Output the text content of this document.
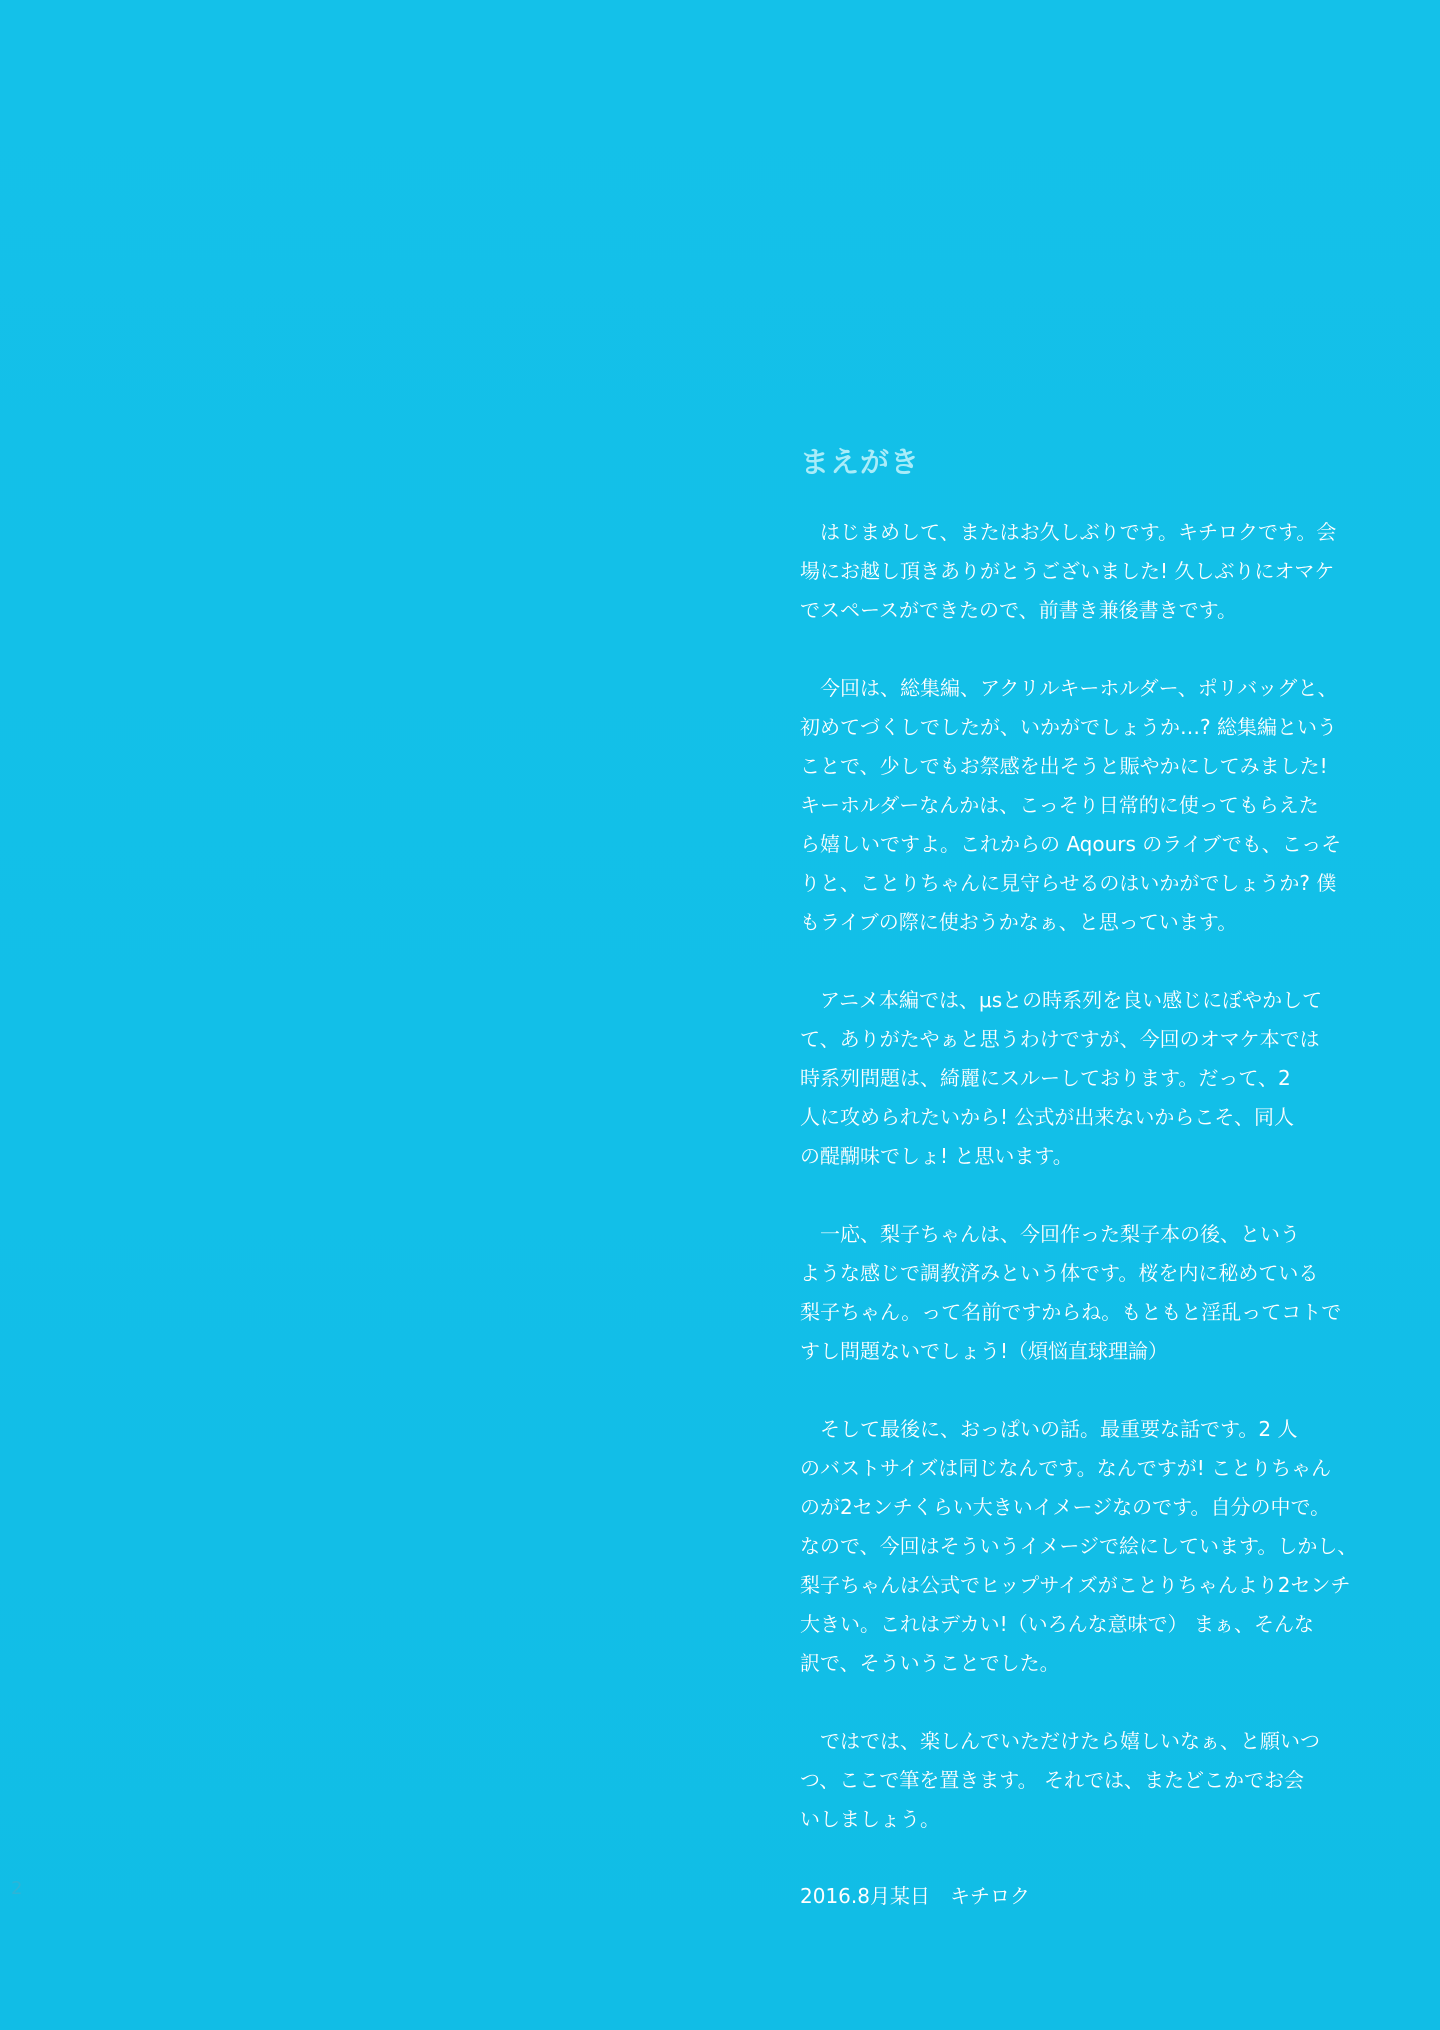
まえがき

　はじまめして、またはお久しぶりです。キチロクです。会
場にお越し頂きありがとうございました! 久しぶりにオマケ
でスペースができたので、前書き兼後書きです。

　今回は、総集編、アクリルキーホルダー、ポリバッグと、
初めてづくしでしたが、いかがでしょうか…? 総集編という
ことで、少しでもお祭感を出そうと賑やかにしてみました!
キーホルダーなんかは、こっそり日常的に使ってもらえた
ら嬉しいですよ。これからの Aqours のライブでも、こっそ
りと、ことりちゃんに見守らせるのはいかがでしょうか? 僕
もライブの際に使おうかなぁ、と思っています。

　アニメ本編では、μsとの時系列を良い感じにぼやかして
て、ありがたやぁと思うわけですが、今回のオマケ本では
時系列問題は、綺麗にスルーしております。だって、2
人に攻められたいから! 公式が出来ないからこそ、同人
の醍醐味でしょ! と思います。

　一応、梨子ちゃんは、今回作った梨子本の後、という
ような感じで調教済みという体です。桜を内に秘めている
梨子ちゃん。って名前ですからね。もともと淫乱ってコトで
すし問題ないでしょう!（煩悩直球理論）

　そして最後に、おっぱいの話。最重要な話です。2 人
のバストサイズは同じなんです。なんですが! ことりちゃん
のが2センチくらい大きいイメージなのです。自分の中で。
なので、今回はそういうイメージで絵にしています。しかし、
梨子ちゃんは公式でヒップサイズがことりちゃんより2センチ
大きい。これはデカい!（いろんな意味で） まぁ、そんな
訳で、そういうことでした。

　ではでは、楽しんでいただけたら嬉しいなぁ、と願いつ
つ、ここで筆を置きます。 それでは、またどこかでお会
いしましょう。

2016.8月某日　キチロク
2
